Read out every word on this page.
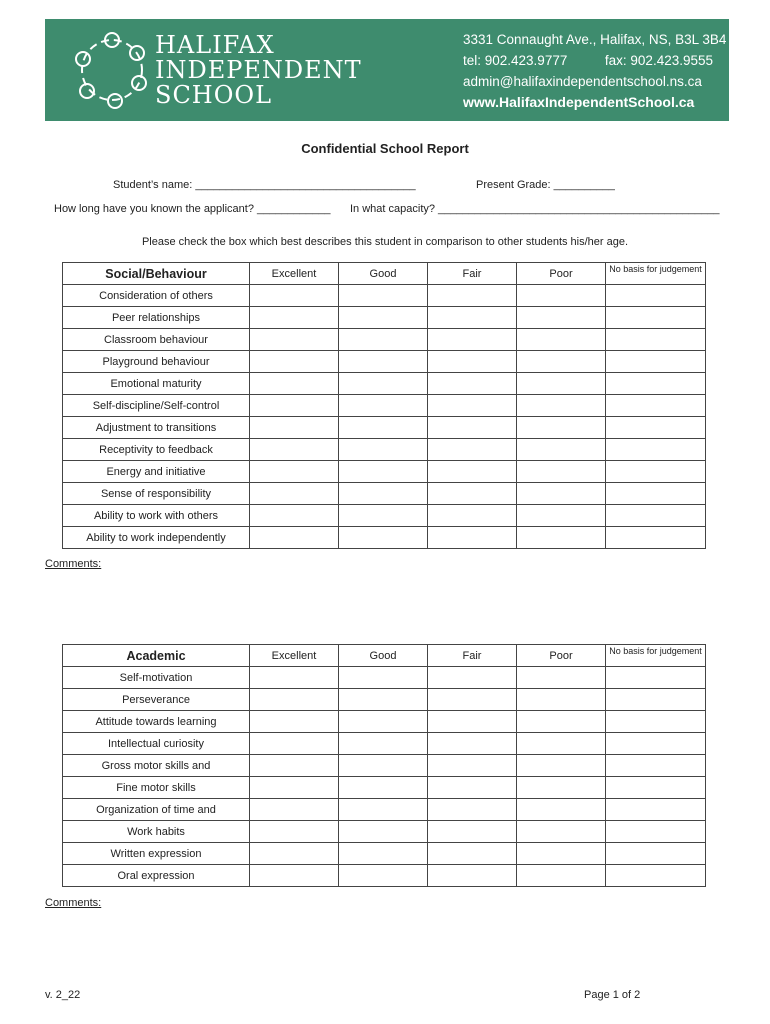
HALIFAX
INDEPENDENT
SCHOOL
3331 Connaught Ave., Halifax, NS, B3L 3B4
tel: 902.423.9777	fax: 902.423.9555
admin@halifaxindependentschool.ns.ca
www.HalifaxIndependentSchool.ca
Confidential School Report
Student’s name: ____________________________________	Present Grade: __________
How long have you known the applicant? ____________ In what capacity? ______________________________________________
Please check the box which best describes this student in comparison to other students his/her age.
Social/Behaviour	Excellent	Good	Fair	Poor	No basis for judgement

Consideration of others					
Peer relationships					
Classroom behaviour					
Playground behaviour					
Emotional maturity					
Self-discipline/Self-control					
Adjustment to transitions					
Receptivity to feedback					
Energy and initiative					
Sense of responsibility					
Ability to work with others					
Ability to work independently					
Comments:
Academic	Excellent	Good	Fair	Poor	No basis for judgement

Self-motivation					
Perseverance					
Attitude towards learning					
Intellectual curiosity					
Gross motor skills and					
Fine motor skills					
Organization of time and					
Work habits					
Written expression					
Oral expression					
Comments:
v. 2_22	Page 1 of 2
